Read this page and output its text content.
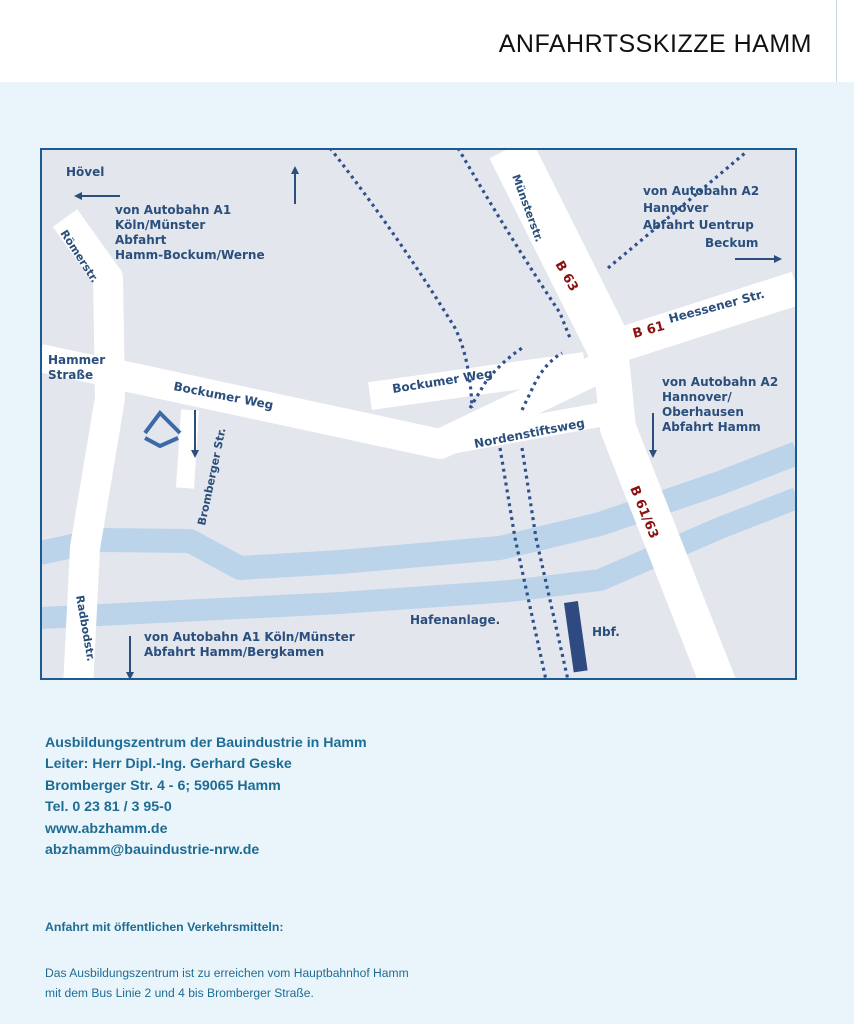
ANFAHRTSSKIZZE HAMM
Hövel
von Autobahn A1 Köln/Münster Abfahrt Hamm-Bockum/Werne
von Autobahn A2 Hannover Abfahrt Uentrup
Beckum
Münsterstr.
Römerstr.
Hammer Straße
Bockumer Weg	Bockumer Weg
Heessener Str.
von Autobahn A2 Hannover/ Oberhausen Abfahrt Hamm
Nordenstiftsweg
Bromberger Str.
Hafenanlage.
Hbf.
Radbodstr.	von Autobahn A1 Köln/Münster Abfahrt Hamm/Bergkamen
B 63
B 61
B 61/63
Ausbildungszentrum der Bauindustrie in Hamm
Leiter: Herr Dipl.-Ing. Gerhard Geske
Bromberger Str. 4 - 6; 59065 Hamm
Tel. 0 23 81 / 3 95-0
www.abzhamm.de
abzhamm@bauindustrie-nrw.de
Anfahrt mit öffentlichen Verkehrsmitteln:
Das Ausbildungszentrum ist zu erreichen vom Hauptbahnhof Hamm
mit dem Bus Linie 2 und 4 bis Bromberger Straße.
